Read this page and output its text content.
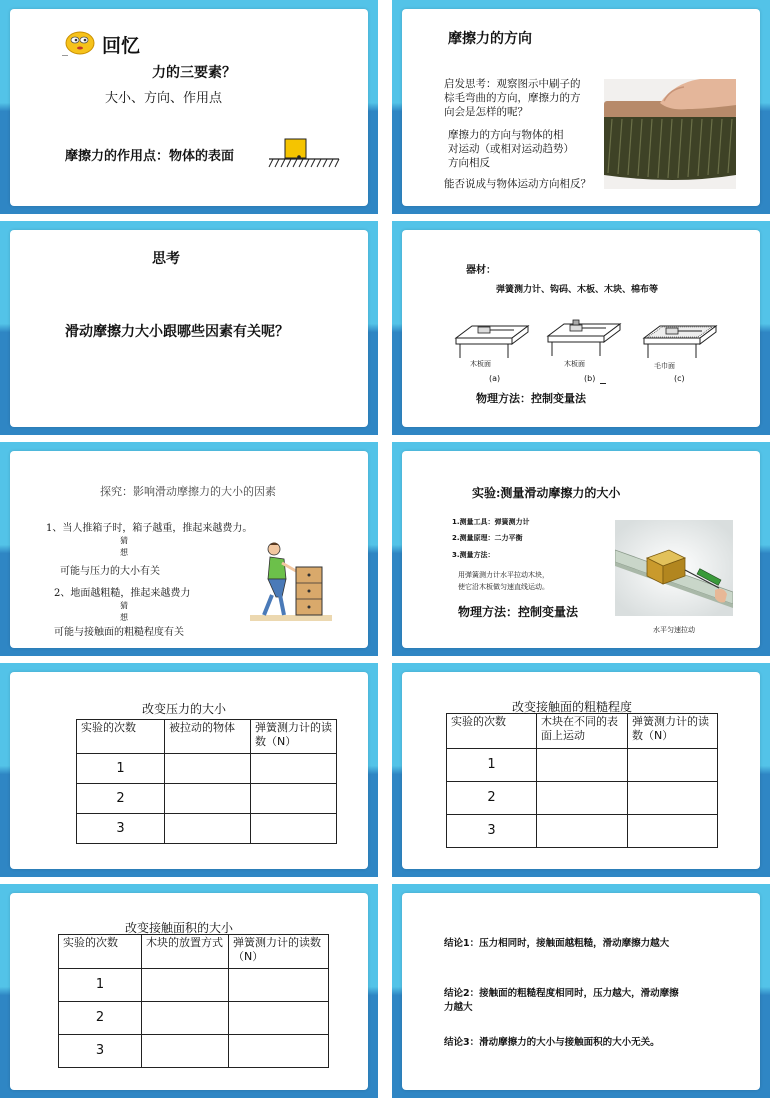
回忆
力的三要素？
大小、方向、作用点
摩擦力的作用点：物体的表面
摩擦力的方向
启发思考：观察图示中刷子的
棕毛弯曲的方向，摩擦力的方
向会是怎样的呢？
摩擦力的方向与物体的相
对运动（或相对运动趋势）
方向相反
能否说成与物体运动方向相反？
思考
滑动摩擦力大小跟哪些因素有关呢？
器材：
弹簧测力计、钩码、木板、木块、棉布等
木板面
(a)
木板面
(b)
毛巾面
(c)
物理方法：控制变量法
探究：影响滑动摩擦力的大小的因素
1、当人推箱子时，箱子越重，推起来越费力。
猜
想
可能与压力的大小有关
2、地面越粗糙，推起来越费力
猜
想
可能与接触面的粗糙程度有关
实验:测量滑动摩擦力的大小
1.测量工具：弹簧测力计
2.测量原理：二力平衡
3.测量方法：
用弹簧测力计水平拉动木块，
使它沿木板做匀速直线运动。
物理方法：控制变量法
水平匀速拉动
改变压力的大小
实验的次数	被拉动的物体	弹簧测力计的读数（N）
1		
2		
3		
改变接触面的粗糙程度
实验的次数	木块在不同的表面上运动	弹簧测力计的读数（N）
1		
2		
3		
改变接触面积的大小
实验的次数	木块的放置方式	弹簧测力计的读数（N）
1		
2		
3		
结论1：压力相同时，接触面越粗糙，滑动摩擦力越大
结论2：接触面的粗糙程度相同时，压力越大，滑动摩擦
力越大
结论3：滑动摩擦力的大小与接触面积的大小无关。
